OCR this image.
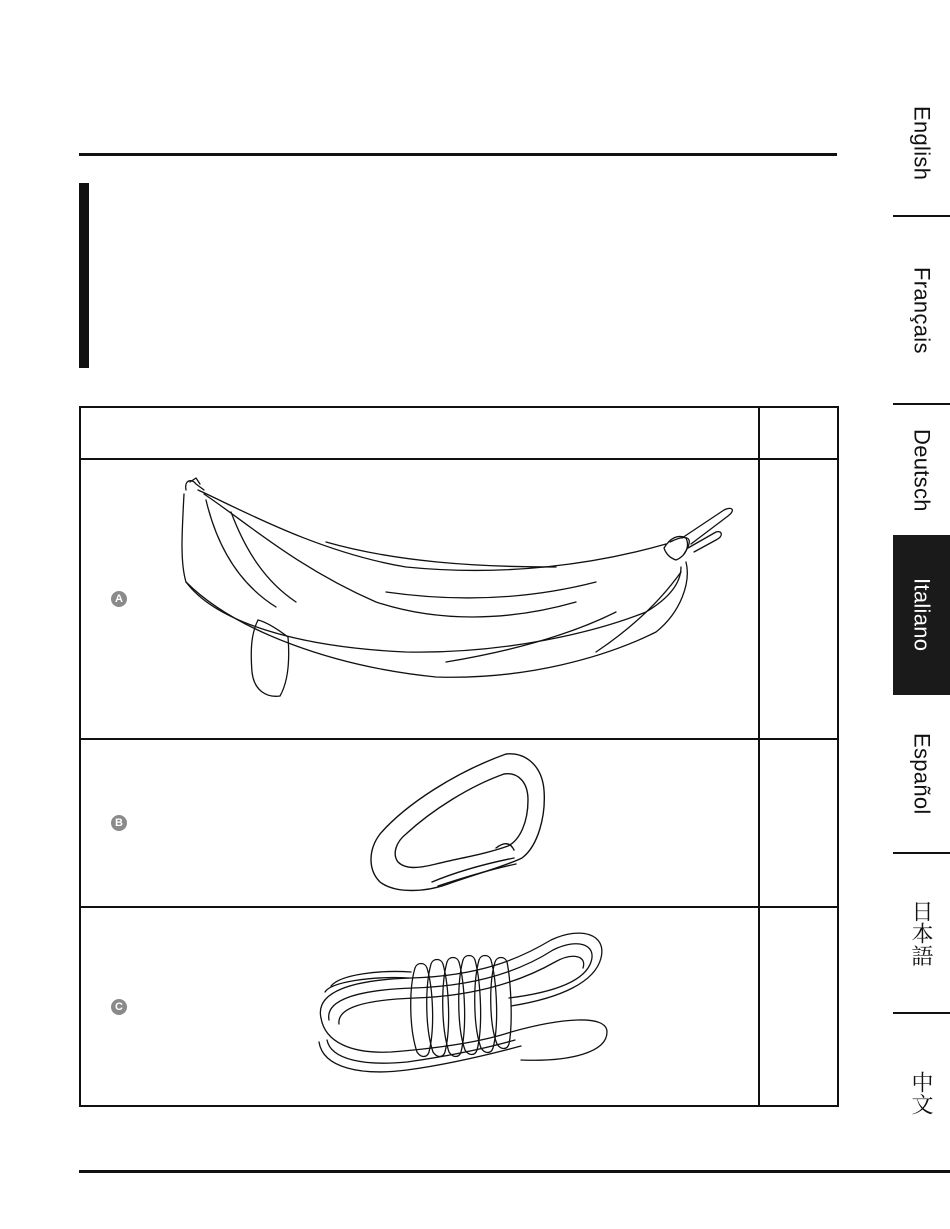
A
B
C
English
Français
Deutsch
Italiano
Español
日本語
中文
